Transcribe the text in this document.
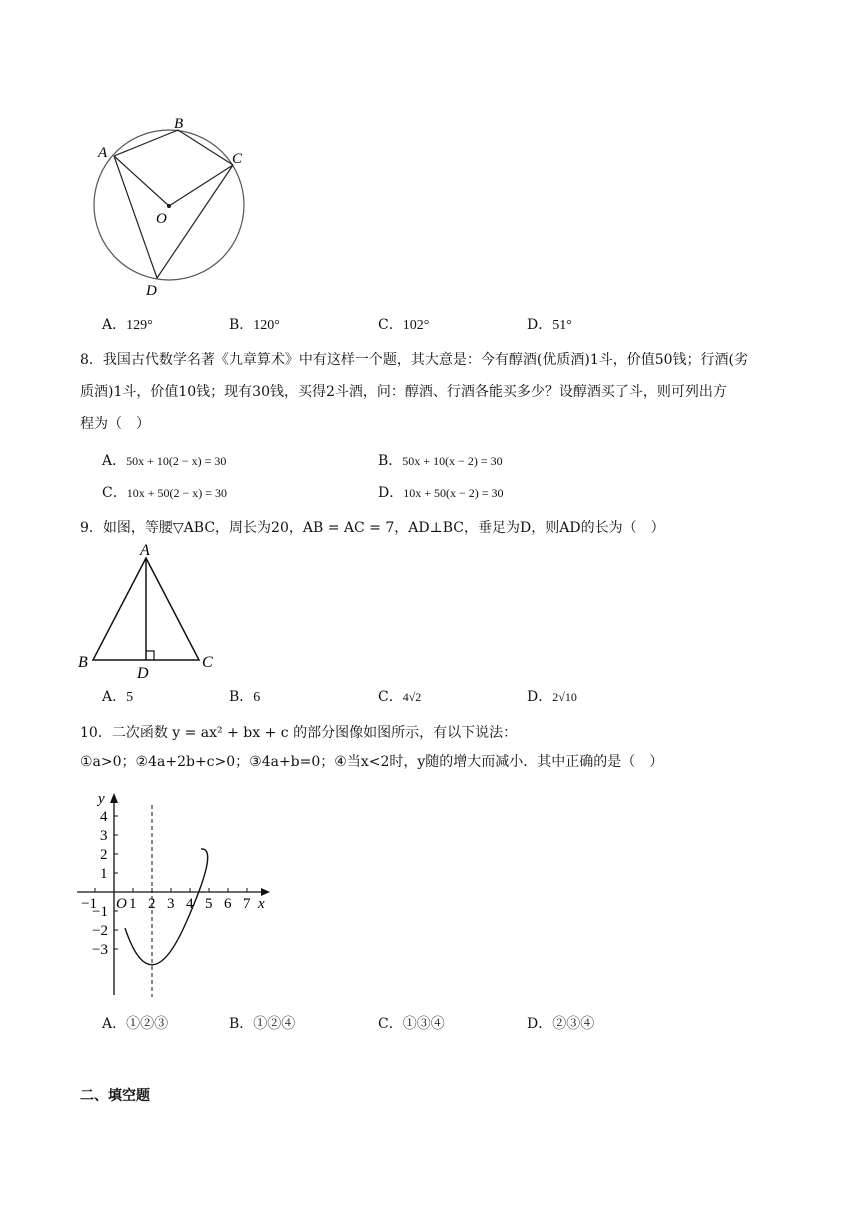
A
B
C
O
D
A．129°	B．120°	C．102°	D．51°
8．我国古代数学名著《九章算术》中有这样一个题，其大意是：今有醇酒(优质酒)1斗，价值50钱；行酒(劣
质酒)1斗，价值10钱；现有30钱，买得2斗酒，问：醇酒、行酒各能买多少？设醇酒买了斗，则可列出方
程为（　）
A．50x + 10(2 − x) = 30	B．50x + 10(x − 2) = 30
C．10x + 50(2 − x) = 30	D．10x + 50(x − 2) = 30
9．如图，等腰▽ABC，周长为20，AB = AC = 7，AD⊥BC，垂足为D，则AD的长为（　）
A
B	C
D
A．5	B．6	C．4√2	D．2√10
10．二次函数 y = ax² + bx + c 的部分图像如图所示，有以下说法：
①a>0；②4a+2b+c>0；③4a+b=0；④当x<2时，y随的增大而减小．其中正确的是（　）
y
x
O
−1 1 2 3 4 5 6 7
1
2
3
4
−1
−2
−3
A．①②③	B．①②④	C．①③④	D．②③④
二、填空题
